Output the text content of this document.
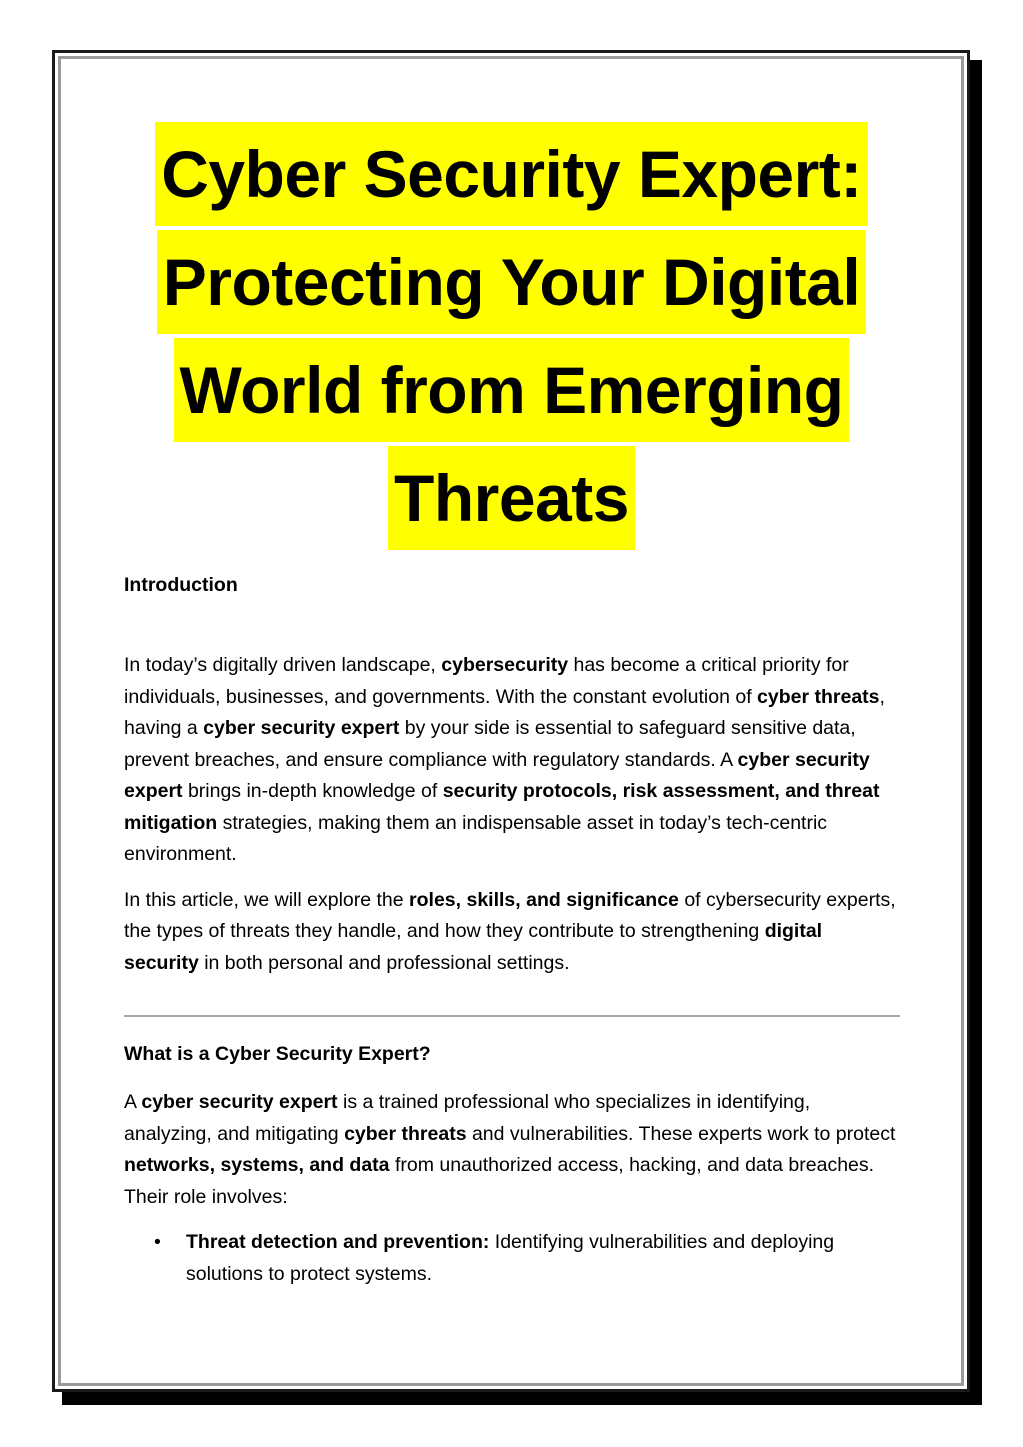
Cyber Security Expert:
Protecting Your Digital
World from Emerging
Threats

Introduction

In today’s digitally driven landscape, cybersecurity has become a critical priority for individuals, businesses, and governments. With the constant evolution of cyber threats, having a cyber security expert by your side is essential to safeguard sensitive data, prevent breaches, and ensure compliance with regulatory standards. A cyber security expert brings in-depth knowledge of security protocols, risk assessment, and threat mitigation strategies, making them an indispensable asset in today’s tech-centric environment.

In this article, we will explore the roles, skills, and significance of cybersecurity experts, the types of threats they handle, and how they contribute to strengthening digital security in both personal and professional settings.

What is a Cyber Security Expert?

A cyber security expert is a trained professional who specializes in identifying, analyzing, and mitigating cyber threats and vulnerabilities. These experts work to protect networks, systems, and data from unauthorized access, hacking, and data breaches. Their role involves:

• Threat detection and prevention: Identifying vulnerabilities and deploying solutions to protect systems.
